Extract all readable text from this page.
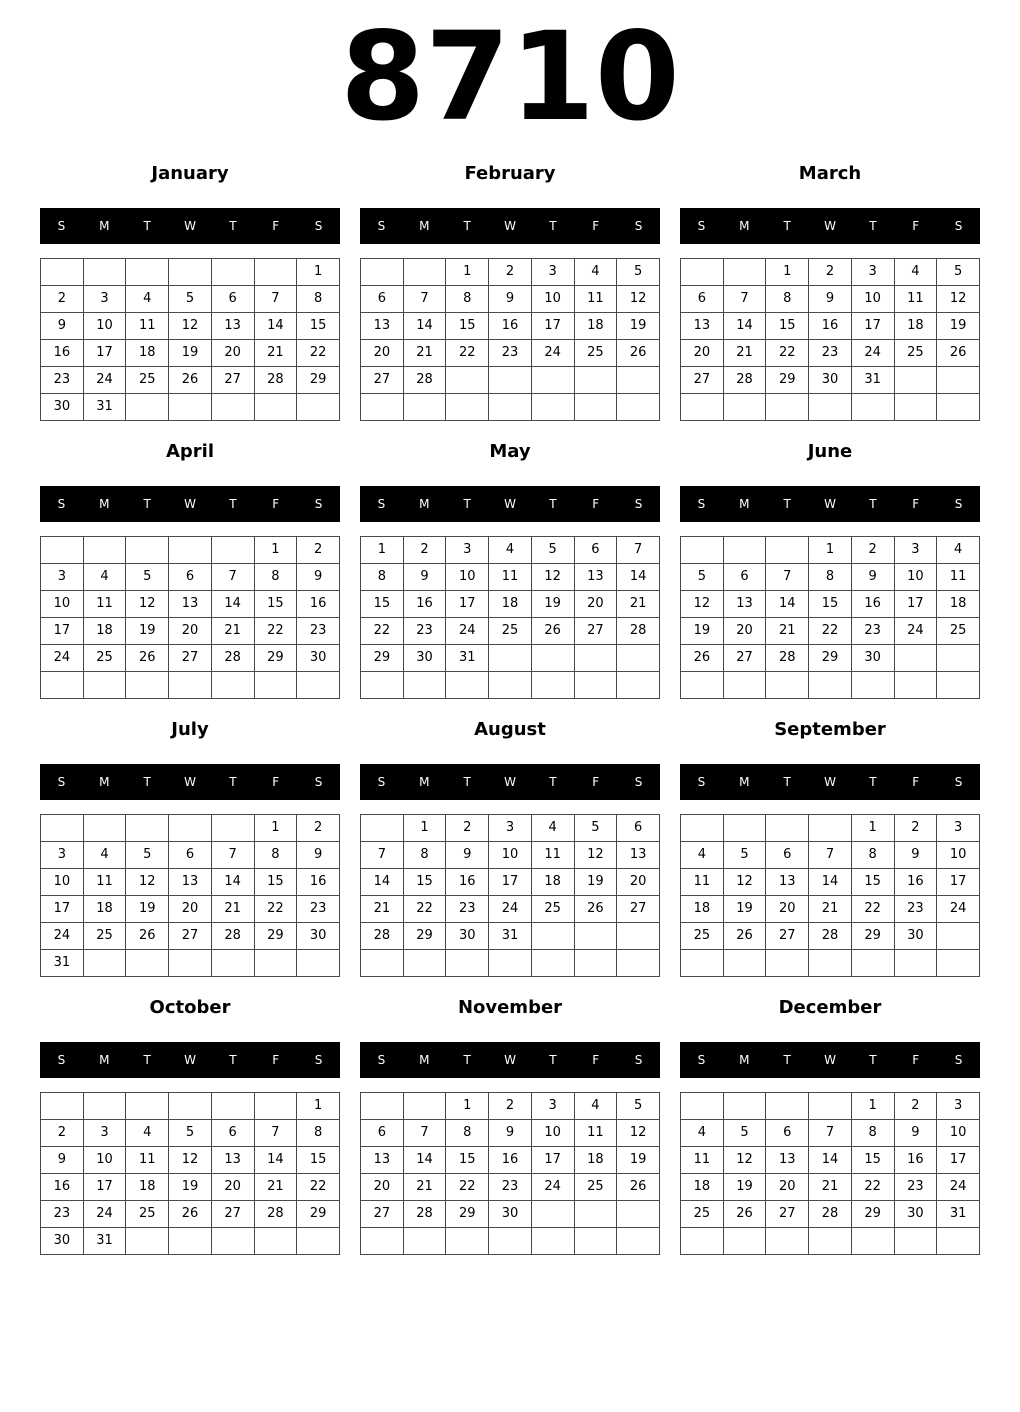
8710
January
S	M	T	W	T	F	S
						1
2	3	4	5	6	7	8
9	10	11	12	13	14	15
16	17	18	19	20	21	22
23	24	25	26	27	28	29
30	31					
February
S	M	T	W	T	F	S
		1	2	3	4	5
6	7	8	9	10	11	12
13	14	15	16	17	18	19
20	21	22	23	24	25	26
27	28					

March
S	M	T	W	T	F	S
		1	2	3	4	5
6	7	8	9	10	11	12
13	14	15	16	17	18	19
20	21	22	23	24	25	26
27	28	29	30	31		

April
S	M	T	W	T	F	S
					1	2
3	4	5	6	7	8	9
10	11	12	13	14	15	16
17	18	19	20	21	22	23
24	25	26	27	28	29	30

May
S	M	T	W	T	F	S
1	2	3	4	5	6	7
8	9	10	11	12	13	14
15	16	17	18	19	20	21
22	23	24	25	26	27	28
29	30	31				

June
S	M	T	W	T	F	S
			1	2	3	4
5	6	7	8	9	10	11
12	13	14	15	16	17	18
19	20	21	22	23	24	25
26	27	28	29	30		

July
S	M	T	W	T	F	S
					1	2
3	4	5	6	7	8	9
10	11	12	13	14	15	16
17	18	19	20	21	22	23
24	25	26	27	28	29	30
31						
August
S	M	T	W	T	F	S
	1	2	3	4	5	6
7	8	9	10	11	12	13
14	15	16	17	18	19	20
21	22	23	24	25	26	27
28	29	30	31			

September
S	M	T	W	T	F	S
				1	2	3
4	5	6	7	8	9	10
11	12	13	14	15	16	17
18	19	20	21	22	23	24
25	26	27	28	29	30	

October
S	M	T	W	T	F	S
						1
2	3	4	5	6	7	8
9	10	11	12	13	14	15
16	17	18	19	20	21	22
23	24	25	26	27	28	29
30	31					
November
S	M	T	W	T	F	S
		1	2	3	4	5
6	7	8	9	10	11	12
13	14	15	16	17	18	19
20	21	22	23	24	25	26
27	28	29	30			

December
S	M	T	W	T	F	S
				1	2	3
4	5	6	7	8	9	10
11	12	13	14	15	16	17
18	19	20	21	22	23	24
25	26	27	28	29	30	31
